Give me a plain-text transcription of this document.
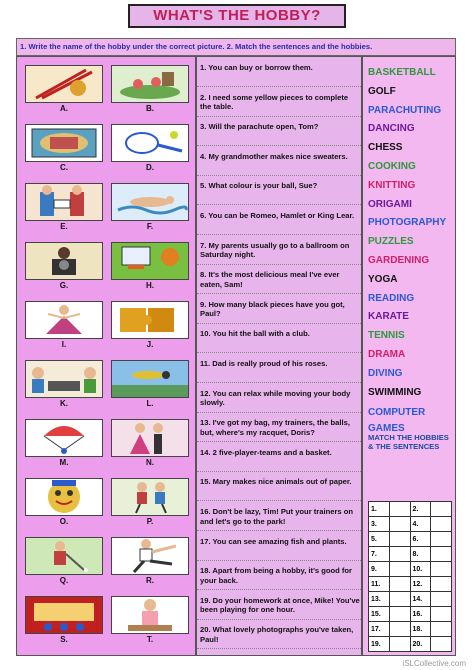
WHAT'S THE HOBBY?
1. Write the name of the hobby under the correct picture. 2. Match the sentences and the hobbies.
A.	B.
C.	D.
E.	F.
G.	H.
I.	J.
K.	L.
M.	N.
O.	P.
Q.	R.
S.	T.
1. You can buy or borrow them.
2. I need some yellow pieces to complete the table.
3. Will the parachute open, Tom?
4. My grandmother makes nice sweaters.
5. What colour is your ball, Sue?
6. You can be Romeo, Hamlet or King Lear.
7. My parents usually go to a ballroom on Saturday night.
8. It's the most delicious meal I've ever eaten, Sam!
9. How many black pieces have you got, Paul?
10. You hit the ball with a club.
11. Dad is really proud of his roses.
12. You can relax while moving your body slowly.
13. I've got my bag, my trainers, the balls, but, where's my racquet, Doris?
14. 2 five-player-teams and a basket.
15. Mary makes nice animals out of paper.
16. Don't be lazy, Tim! Put your trainers on and let's go to the park!
17. You can see amazing fish and plants.
18. Apart from being a hobby, it's good for your back.
19. Do your homework at once, Mike! You've been playing for one hour.
20. What lovely photographs you've taken, Paul!
BASKETBALL
GOLF
PARACHUTING
DANCING
CHESS
COOKING
KNITTING
ORIGAMI
PHOTOGRAPHY
PUZZLES
GARDENING
YOGA
READING
KARATE
TENNIS
DRAMA
DIVING
SWIMMING
COMPUTER GAMES
MATCH THE HOBBIES & THE SENTENCES
1.		2.	
3.		4.	
5.		6.	
7.		8.	
9.		10.	
11.		12.	
13.		14.	
15.		16.	
17.		18.	
19.		20.	
iSLCollective.com
